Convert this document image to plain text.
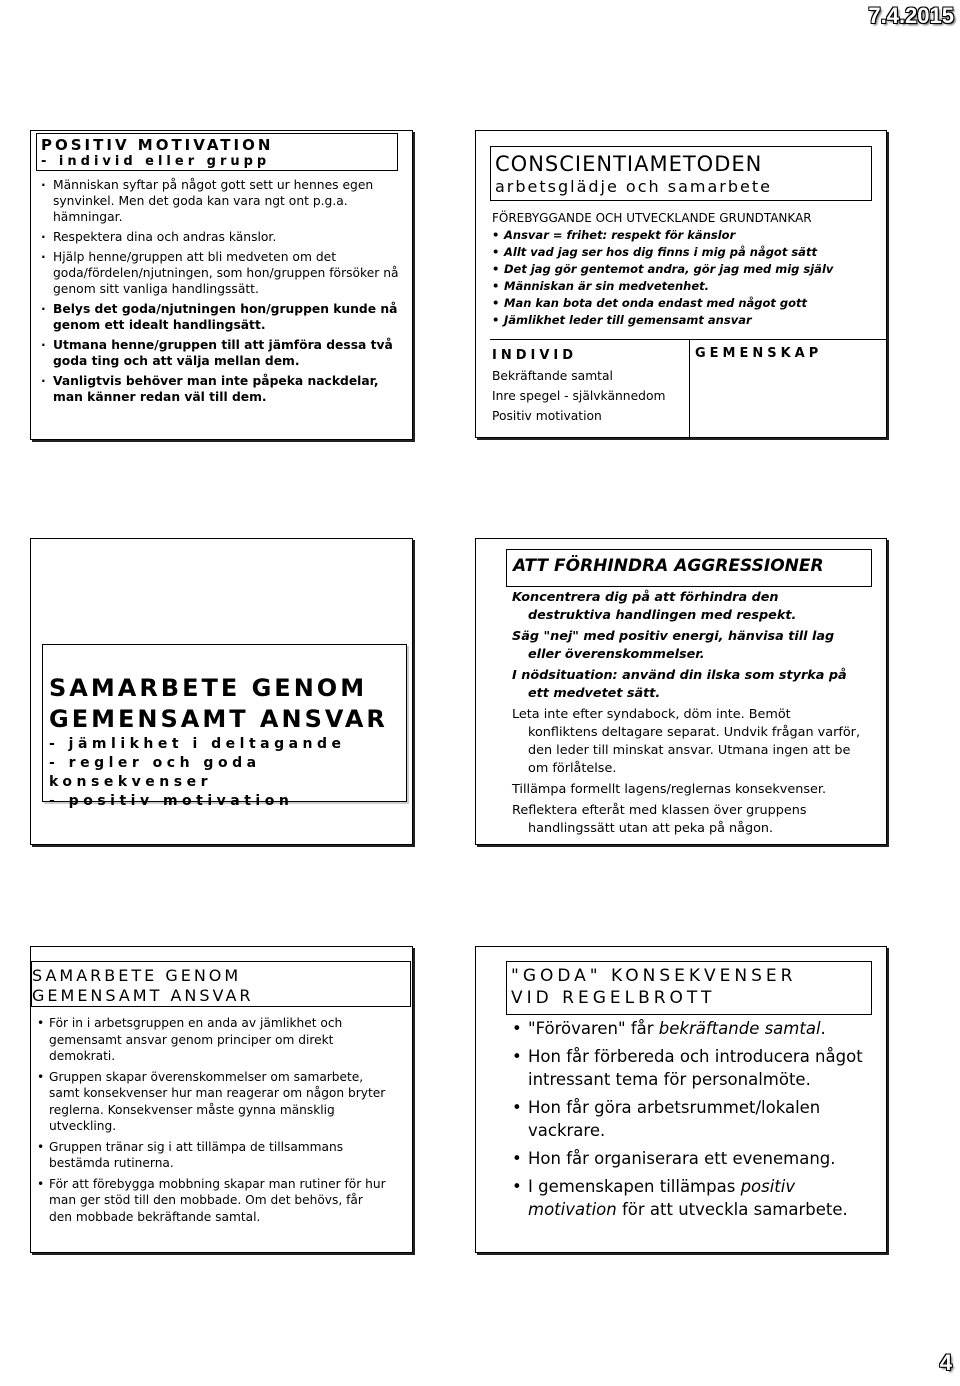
7.4.2015
POSITIV MOTIVATION
- individ eller grupp
· Människan syftar på något gott sett ur hennes egen synvinkel. Men det goda kan vara ngt ont p.g.a. hämningar.
· Respektera dina och andras känslor.
· Hjälp henne/gruppen att bli medveten om det goda/fördelen/njutningen, som hon/gruppen försöker nå genom sitt vanliga handlingssätt.
· Belys det goda/njutningen hon/gruppen kunde nå genom ett idealt handlingsätt.
· Utmana henne/gruppen till att jämföra dessa två goda ting och att välja mellan dem.
· Vanligtvis behöver man inte påpeka nackdelar, man känner redan väl till dem.
CONSCIENTIAMETODEN
arbetsglädje och samarbete
FÖREBYGGANDE OCH UTVECKLANDE GRUNDTANKAR
• Ansvar = frihet: respekt för känslor
• Allt vad jag ser hos dig finns i mig på något sätt
• Det jag gör gentemot andra, gör jag med mig själv
• Människan är sin medvetenhet.
• Man kan bota det onda endast med något gott
• Jämlikhet leder till gemensamt ansvar
INDIVID
Bekräftande samtal
Inre spegel - självkännedom
Positiv motivation
GEMENSKAP
SAMARBETE GENOM
GEMENSAMT ANSVAR
- jämlikhet i deltagande
- regler och goda konsekvenser
- positiv motivation
ATT FÖRHINDRA AGGRESSIONER
Koncentrera dig på att förhindra den destruktiva handlingen med respekt.
Säg "nej" med positiv energi, hänvisa till lag eller överenskommelser.
I nödsituation: använd din ilska som styrka på ett medvetet sätt.
Leta inte efter syndabock, döm inte. Bemöt konfliktens deltagare separat. Undvik frågan varför, den leder till minskat ansvar. Utmana ingen att be om förlåtelse.
Tillämpa formellt lagens/reglernas konsekvenser.
Reflektera efteråt med klassen över gruppens handlingssätt utan att peka på någon.
SAMARBETE GENOM
GEMENSAMT ANSVAR
• För in i arbetsgruppen en anda av jämlikhet och gemensamt ansvar genom principer om direkt demokrati.
• Gruppen skapar överenskommelser om samarbete, samt konsekvenser hur man reagerar om någon bryter reglerna. Konsekvenser måste gynna mänsklig utveckling.
• Gruppen tränar sig i att tillämpa de tillsammans bestämda rutinerna.
• För att förebygga mobbning skapar man rutiner för hur man ger stöd till den mobbade. Om det behövs, får den mobbade bekräftande samtal.
"GODA" KONSEKVENSER
VID REGELBROTT
• "Förövaren" får bekräftande samtal.
• Hon får förbereda och introducera något intressant tema för personalmöte.
• Hon får göra arbetsrummet/lokalen vackrare.
• Hon får organiserara ett evenemang.
• I gemenskapen tillämpas positiv motivation för att utveckla samarbete.
4
